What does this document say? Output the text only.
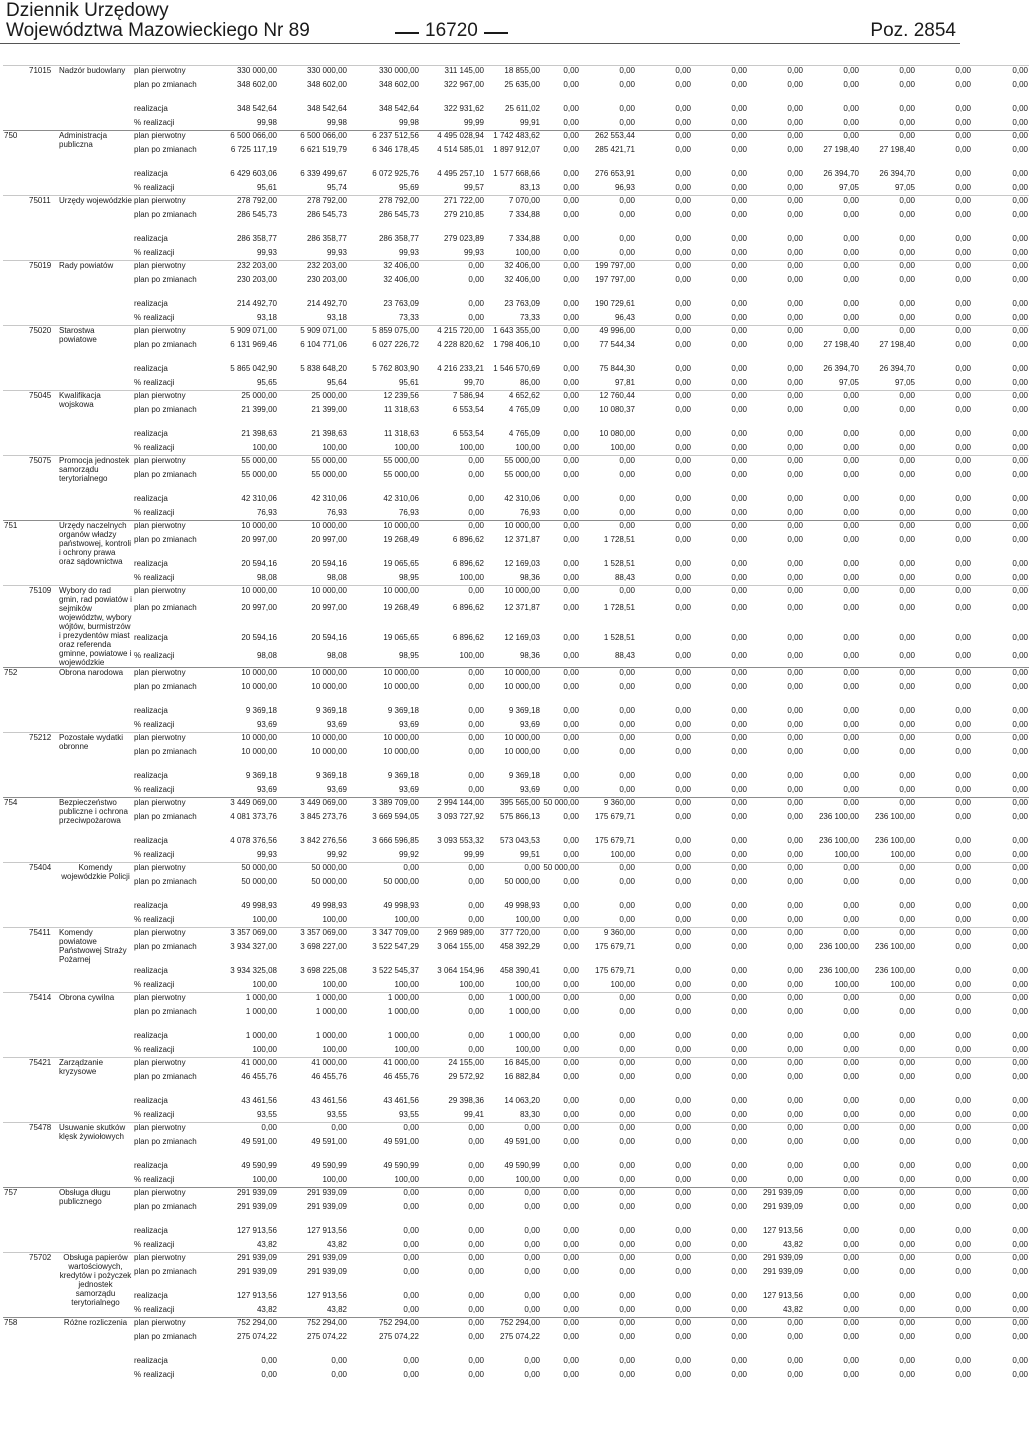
Dziennik Urzędowy
Województwa Mazowieckiego Nr 89	16720	Poz. 2854
	71015	Nadzór budowlany	plan pierwotny	330 000,00	330 000,00	330 000,00	311 145,00	18 855,00	0,00	0,00	0,00	0,00	0,00	0,00	0,00	0,00	0,00
			plan po zmianach	348 602,00	348 602,00	348 602,00	322 967,00	25 635,00	0,00	0,00	0,00	0,00	0,00	0,00	0,00	0,00	0,00
			realizacja	348 542,64	348 542,64	348 542,64	322 931,62	25 611,02	0,00	0,00	0,00	0,00	0,00	0,00	0,00	0,00	0,00
			% realizacji	99,98	99,98	99,98	99,99	99,91	0,00	0,00	0,00	0,00	0,00	0,00	0,00	0,00	0,00
750		Administracja publiczna	plan pierwotny	6 500 066,00	6 500 066,00	6 237 512,56	4 495 028,94	1 742 483,62	0,00	262 553,44	0,00	0,00	0,00	0,00	0,00	0,00	0,00
			plan po zmianach	6 725 117,19	6 621 519,79	6 346 178,45	4 514 585,01	1 897 912,07	0,00	285 421,71	0,00	0,00	0,00	27 198,40	27 198,40	0,00	0,00
			realizacja	6 429 603,06	6 339 499,67	6 072 925,76	4 495 257,10	1 577 668,66	0,00	276 653,91	0,00	0,00	0,00	26 394,70	26 394,70	0,00	0,00
			% realizacji	95,61	95,74	95,69	99,57	83,13	0,00	96,93	0,00	0,00	0,00	97,05	97,05	0,00	0,00
	75011	Urzędy wojewódzkie	plan pierwotny	278 792,00	278 792,00	278 792,00	271 722,00	7 070,00	0,00	0,00	0,00	0,00	0,00	0,00	0,00	0,00	0,00
			plan po zmianach	286 545,73	286 545,73	286 545,73	279 210,85	7 334,88	0,00	0,00	0,00	0,00	0,00	0,00	0,00	0,00	0,00
			realizacja	286 358,77	286 358,77	286 358,77	279 023,89	7 334,88	0,00	0,00	0,00	0,00	0,00	0,00	0,00	0,00	0,00
			% realizacji	99,93	99,93	99,93	99,93	100,00	0,00	0,00	0,00	0,00	0,00	0,00	0,00	0,00	0,00
	75019	Rady powiatów	plan pierwotny	232 203,00	232 203,00	32 406,00	0,00	32 406,00	0,00	199 797,00	0,00	0,00	0,00	0,00	0,00	0,00	0,00
			plan po zmianach	230 203,00	230 203,00	32 406,00	0,00	32 406,00	0,00	197 797,00	0,00	0,00	0,00	0,00	0,00	0,00	0,00
			realizacja	214 492,70	214 492,70	23 763,09	0,00	23 763,09	0,00	190 729,61	0,00	0,00	0,00	0,00	0,00	0,00	0,00
			% realizacji	93,18	93,18	73,33	0,00	73,33	0,00	96,43	0,00	0,00	0,00	0,00	0,00	0,00	0,00
	75020	Starostwa powiatowe	plan pierwotny	5 909 071,00	5 909 071,00	5 859 075,00	4 215 720,00	1 643 355,00	0,00	49 996,00	0,00	0,00	0,00	0,00	0,00	0,00	0,00
			plan po zmianach	6 131 969,46	6 104 771,06	6 027 226,72	4 228 820,62	1 798 406,10	0,00	77 544,34	0,00	0,00	0,00	27 198,40	27 198,40	0,00	0,00
			realizacja	5 865 042,90	5 838 648,20	5 762 803,90	4 216 233,21	1 546 570,69	0,00	75 844,30	0,00	0,00	0,00	26 394,70	26 394,70	0,00	0,00
			% realizacji	95,65	95,64	95,61	99,70	86,00	0,00	97,81	0,00	0,00	0,00	97,05	97,05	0,00	0,00
	75045	Kwalifikacja wojskowa	plan pierwotny	25 000,00	25 000,00	12 239,56	7 586,94	4 652,62	0,00	12 760,44	0,00	0,00	0,00	0,00	0,00	0,00	0,00
			plan po zmianach	21 399,00	21 399,00	11 318,63	6 553,54	4 765,09	0,00	10 080,37	0,00	0,00	0,00	0,00	0,00	0,00	0,00
			realizacja	21 398,63	21 398,63	11 318,63	6 553,54	4 765,09	0,00	10 080,00	0,00	0,00	0,00	0,00	0,00	0,00	0,00
			% realizacji	100,00	100,00	100,00	100,00	100,00	0,00	100,00	0,00	0,00	0,00	0,00	0,00	0,00	0,00
	75075	Promocja jednostek samorządu terytorialnego	plan pierwotny	55 000,00	55 000,00	55 000,00	0,00	55 000,00	0,00	0,00	0,00	0,00	0,00	0,00	0,00	0,00	0,00
			plan po zmianach	55 000,00	55 000,00	55 000,00	0,00	55 000,00	0,00	0,00	0,00	0,00	0,00	0,00	0,00	0,00	0,00
			realizacja	42 310,06	42 310,06	42 310,06	0,00	42 310,06	0,00	0,00	0,00	0,00	0,00	0,00	0,00	0,00	0,00
			% realizacji	76,93	76,93	76,93	0,00	76,93	0,00	0,00	0,00	0,00	0,00	0,00	0,00	0,00	0,00
751		Urzędy naczelnych organów władzy państwowej, kontroli i ochrony prawa oraz sądownictwa	plan pierwotny	10 000,00	10 000,00	10 000,00	0,00	10 000,00	0,00	0,00	0,00	0,00	0,00	0,00	0,00	0,00	0,00
			plan po zmianach	20 997,00	20 997,00	19 268,49	6 896,62	12 371,87	0,00	1 728,51	0,00	0,00	0,00	0,00	0,00	0,00	0,00
			realizacja	20 594,16	20 594,16	19 065,65	6 896,62	12 169,03	0,00	1 528,51	0,00	0,00	0,00	0,00	0,00	0,00	0,00
			% realizacji	98,08	98,08	98,95	100,00	98,36	0,00	88,43	0,00	0,00	0,00	0,00	0,00	0,00	0,00
	75109	Wybory do rad gmin, rad powiatów i sejmików województw, wybory wójtów, burmistrzów i prezydentów miast oraz referenda gminne, powiatowe i wojewódzkie	plan pierwotny	10 000,00	10 000,00	10 000,00	0,00	10 000,00	0,00	0,00	0,00	0,00	0,00	0,00	0,00	0,00	0,00
			plan po zmianach	20 997,00	20 997,00	19 268,49	6 896,62	12 371,87	0,00	1 728,51	0,00	0,00	0,00	0,00	0,00	0,00	0,00
			realizacja	20 594,16	20 594,16	19 065,65	6 896,62	12 169,03	0,00	1 528,51	0,00	0,00	0,00	0,00	0,00	0,00	0,00
			% realizacji	98,08	98,08	98,95	100,00	98,36	0,00	88,43	0,00	0,00	0,00	0,00	0,00	0,00	0,00
752		Obrona narodowa	plan pierwotny	10 000,00	10 000,00	10 000,00	0,00	10 000,00	0,00	0,00	0,00	0,00	0,00	0,00	0,00	0,00	0,00
			plan po zmianach	10 000,00	10 000,00	10 000,00	0,00	10 000,00	0,00	0,00	0,00	0,00	0,00	0,00	0,00	0,00	0,00
			realizacja	9 369,18	9 369,18	9 369,18	0,00	9 369,18	0,00	0,00	0,00	0,00	0,00	0,00	0,00	0,00	0,00
			% realizacji	93,69	93,69	93,69	0,00	93,69	0,00	0,00	0,00	0,00	0,00	0,00	0,00	0,00	0,00
	75212	Pozostałe wydatki obronne	plan pierwotny	10 000,00	10 000,00	10 000,00	0,00	10 000,00	0,00	0,00	0,00	0,00	0,00	0,00	0,00	0,00	0,00
			plan po zmianach	10 000,00	10 000,00	10 000,00	0,00	10 000,00	0,00	0,00	0,00	0,00	0,00	0,00	0,00	0,00	0,00
			realizacja	9 369,18	9 369,18	9 369,18	0,00	9 369,18	0,00	0,00	0,00	0,00	0,00	0,00	0,00	0,00	0,00
			% realizacji	93,69	93,69	93,69	0,00	93,69	0,00	0,00	0,00	0,00	0,00	0,00	0,00	0,00	0,00
754		Bezpieczeństwo publiczne i ochrona przeciwpożarowa	plan pierwotny	3 449 069,00	3 449 069,00	3 389 709,00	2 994 144,00	395 565,00	50 000,00	9 360,00	0,00	0,00	0,00	0,00	0,00	0,00	0,00
			plan po zmianach	4 081 373,76	3 845 273,76	3 669 594,05	3 093 727,92	575 866,13	0,00	175 679,71	0,00	0,00	0,00	236 100,00	236 100,00	0,00	0,00
			realizacja	4 078 376,56	3 842 276,56	3 666 596,85	3 093 553,32	573 043,53	0,00	175 679,71	0,00	0,00	0,00	236 100,00	236 100,00	0,00	0,00
			% realizacji	99,93	99,92	99,92	99,99	99,51	0,00	100,00	0,00	0,00	0,00	100,00	100,00	0,00	0,00
	75404	Komendy wojewódzkie Policji	plan pierwotny	50 000,00	50 000,00	0,00	0,00	0,00	50 000,00	0,00	0,00	0,00	0,00	0,00	0,00	0,00	0,00
			plan po zmianach	50 000,00	50 000,00	50 000,00	0,00	50 000,00	0,00	0,00	0,00	0,00	0,00	0,00	0,00	0,00	0,00
			realizacja	49 998,93	49 998,93	49 998,93	0,00	49 998,93	0,00	0,00	0,00	0,00	0,00	0,00	0,00	0,00	0,00
			% realizacji	100,00	100,00	100,00	0,00	100,00	0,00	0,00	0,00	0,00	0,00	0,00	0,00	0,00	0,00
	75411	Komendy powiatowe Państwowej Straży Pożarnej	plan pierwotny	3 357 069,00	3 357 069,00	3 347 709,00	2 969 989,00	377 720,00	0,00	9 360,00	0,00	0,00	0,00	0,00	0,00	0,00	0,00
			plan po zmianach	3 934 327,00	3 698 227,00	3 522 547,29	3 064 155,00	458 392,29	0,00	175 679,71	0,00	0,00	0,00	236 100,00	236 100,00	0,00	0,00
			realizacja	3 934 325,08	3 698 225,08	3 522 545,37	3 064 154,96	458 390,41	0,00	175 679,71	0,00	0,00	0,00	236 100,00	236 100,00	0,00	0,00
			% realizacji	100,00	100,00	100,00	100,00	100,00	0,00	100,00	0,00	0,00	0,00	100,00	100,00	0,00	0,00
	75414	Obrona cywilna	plan pierwotny	1 000,00	1 000,00	1 000,00	0,00	1 000,00	0,00	0,00	0,00	0,00	0,00	0,00	0,00	0,00	0,00
			plan po zmianach	1 000,00	1 000,00	1 000,00	0,00	1 000,00	0,00	0,00	0,00	0,00	0,00	0,00	0,00	0,00	0,00
			realizacja	1 000,00	1 000,00	1 000,00	0,00	1 000,00	0,00	0,00	0,00	0,00	0,00	0,00	0,00	0,00	0,00
			% realizacji	100,00	100,00	100,00	0,00	100,00	0,00	0,00	0,00	0,00	0,00	0,00	0,00	0,00	0,00
	75421	Zarządzanie kryzysowe	plan pierwotny	41 000,00	41 000,00	41 000,00	24 155,00	16 845,00	0,00	0,00	0,00	0,00	0,00	0,00	0,00	0,00	0,00
			plan po zmianach	46 455,76	46 455,76	46 455,76	29 572,92	16 882,84	0,00	0,00	0,00	0,00	0,00	0,00	0,00	0,00	0,00
			realizacja	43 461,56	43 461,56	43 461,56	29 398,36	14 063,20	0,00	0,00	0,00	0,00	0,00	0,00	0,00	0,00	0,00
			% realizacji	93,55	93,55	93,55	99,41	83,30	0,00	0,00	0,00	0,00	0,00	0,00	0,00	0,00	0,00
	75478	Usuwanie skutków klęsk żywiołowych	plan pierwotny	0,00	0,00	0,00	0,00	0,00	0,00	0,00	0,00	0,00	0,00	0,00	0,00	0,00	0,00
			plan po zmianach	49 591,00	49 591,00	49 591,00	0,00	49 591,00	0,00	0,00	0,00	0,00	0,00	0,00	0,00	0,00	0,00
			realizacja	49 590,99	49 590,99	49 590,99	0,00	49 590,99	0,00	0,00	0,00	0,00	0,00	0,00	0,00	0,00	0,00
			% realizacji	100,00	100,00	100,00	0,00	100,00	0,00	0,00	0,00	0,00	0,00	0,00	0,00	0,00	0,00
757		Obsługa długu publicznego	plan pierwotny	291 939,09	291 939,09	0,00	0,00	0,00	0,00	0,00	0,00	0,00	291 939,09	0,00	0,00	0,00	0,00
			plan po zmianach	291 939,09	291 939,09	0,00	0,00	0,00	0,00	0,00	0,00	0,00	291 939,09	0,00	0,00	0,00	0,00
			realizacja	127 913,56	127 913,56	0,00	0,00	0,00	0,00	0,00	0,00	0,00	127 913,56	0,00	0,00	0,00	0,00
			% realizacji	43,82	43,82	0,00	0,00	0,00	0,00	0,00	0,00	0,00	43,82	0,00	0,00	0,00	0,00
	75702	Obsługa papierów wartościowych, kredytów i pożyczek jednostek samorządu terytorialnego	plan pierwotny	291 939,09	291 939,09	0,00	0,00	0,00	0,00	0,00	0,00	0,00	291 939,09	0,00	0,00	0,00	0,00
			plan po zmianach	291 939,09	291 939,09	0,00	0,00	0,00	0,00	0,00	0,00	0,00	291 939,09	0,00	0,00	0,00	0,00
			realizacja	127 913,56	127 913,56	0,00	0,00	0,00	0,00	0,00	0,00	0,00	127 913,56	0,00	0,00	0,00	0,00
			% realizacji	43,82	43,82	0,00	0,00	0,00	0,00	0,00	0,00	0,00	43,82	0,00	0,00	0,00	0,00
758		Różne rozliczenia	plan pierwotny	752 294,00	752 294,00	752 294,00	0,00	752 294,00	0,00	0,00	0,00	0,00	0,00	0,00	0,00	0,00	0,00
			plan po zmianach	275 074,22	275 074,22	275 074,22	0,00	275 074,22	0,00	0,00	0,00	0,00	0,00	0,00	0,00	0,00	0,00
			realizacja	0,00	0,00	0,00	0,00	0,00	0,00	0,00	0,00	0,00	0,00	0,00	0,00	0,00	0,00
			% realizacji	0,00	0,00	0,00	0,00	0,00	0,00	0,00	0,00	0,00	0,00	0,00	0,00	0,00	0,00
